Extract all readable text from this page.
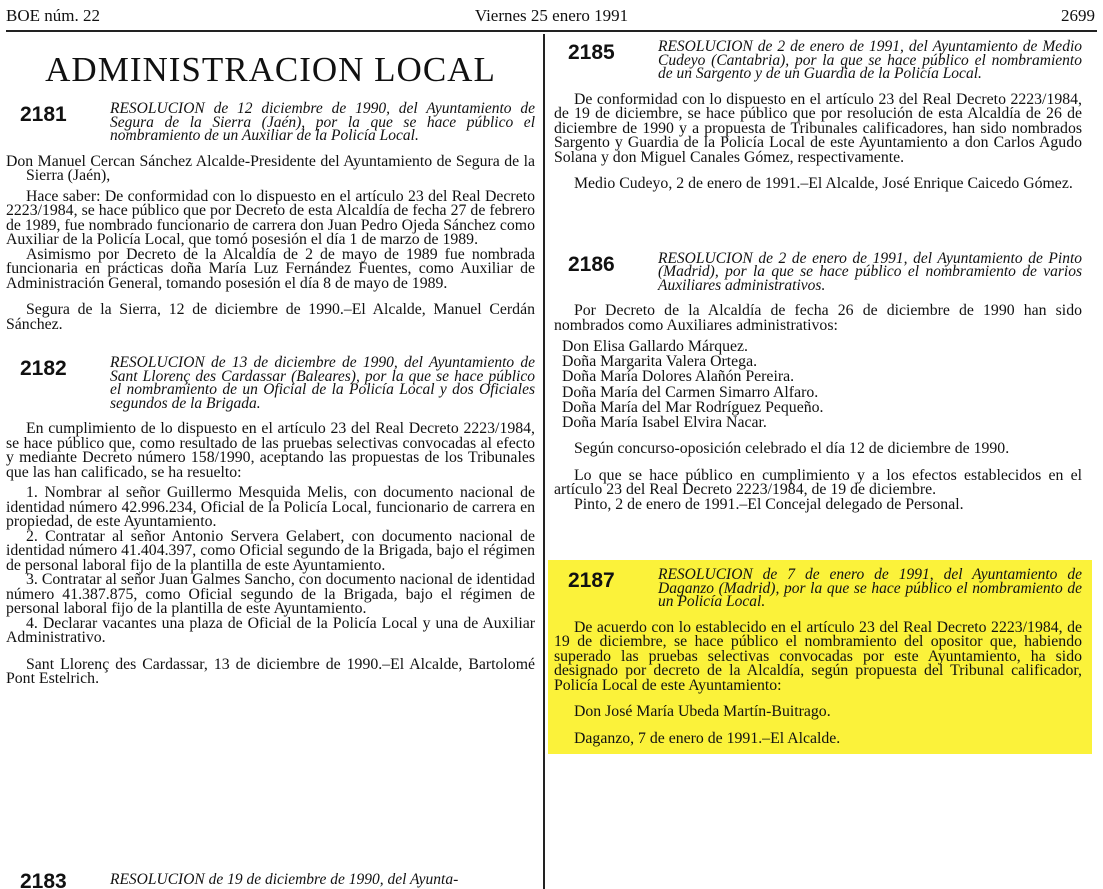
BOE núm. 22	Viernes 25 enero 1991	2699
ADMINISTRACION LOCAL
2181	RESOLUCION de 12 diciembre de 1990, del Ayuntamiento de Segura de la Sierra (Jaén), por la que se hace público el nombramiento de un Auxiliar de la Policía Local.

Don Manuel Cercan Sánchez Alcalde-Presidente del Ayuntamiento de Segura de la Sierra (Jaén),

Hace saber: De conformidad con lo dispuesto en el artículo 23 del Real Decreto 2223/1984, se hace público que por Decreto de esta Alcaldía de fecha 27 de febrero de 1989, fue nombrado funcionario de carrera don Juan Pedro Ojeda Sánchez como Auxiliar de la Policía Local, que tomó posesión el día 1 de marzo de 1989.

Asimismo por Decreto de la Alcaldía de 2 de mayo de 1989 fue nombrada funcionaria en prácticas doña María Luz Fernández Fuentes, como Auxiliar de Administración General, tomando posesión el día 8 de mayo de 1989.

Segura de la Sierra, 12 de diciembre de 1990.–El Alcalde, Manuel Cerdán Sánchez.

2182	RESOLUCION de 13 de diciembre de 1990, del Ayuntamiento de Sant Llorenç des Cardassar (Baleares), por la que se hace público el nombramiento de un Oficial de la Policía Local y dos Oficiales segundos de la Brigada.

En cumplimiento de lo dispuesto en el artículo 23 del Real Decreto 2223/1984, se hace público que, como resultado de las pruebas selectivas convocadas al efecto y mediante Decreto número 158/1990, aceptando las propuestas de los Tribunales que las han calificado, se ha resuelto:

1. Nombrar al señor Guillermo Mesquida Melis, con documento nacional de identidad número 42.996.234, Oficial de la Policía Local, funcionario de carrera en propiedad, de este Ayuntamiento.

2. Contratar al señor Antonio Servera Gelabert, con documento nacional de identidad número 41.404.397, como Oficial segundo de la Brigada, bajo el régimen de personal laboral fijo de la plantilla de este Ayuntamiento.

3. Contratar al señor Juan Galmes Sancho, con documento nacional de identidad número 41.387.875, como Oficial segundo de la Brigada, bajo el régimen de personal laboral fijo de la plantilla de este Ayuntamiento.

4. Declarar vacantes una plaza de Oficial de la Policía Local y una de Auxiliar Administrativo.

Sant Llorenç des Cardassar, 13 de diciembre de 1990.–El Alcalde, Bartolomé Pont Estelrich.

2183	RESOLUCION de 19 de diciembre de 1990, del Ayunta-
2185	RESOLUCION de 2 de enero de 1991, del Ayuntamiento de Medio Cudeyo (Cantabria), por la que se hace público el nombramiento de un Sargento y de un Guardia de la Policía Local.

De conformidad con lo dispuesto en el artículo 23 del Real Decreto 2223/1984, de 19 de diciembre, se hace público que por resolución de esta Alcaldía de 26 de diciembre de 1990 y a propuesta de Tribunales calificadores, han sido nombrados Sargento y Guardia de la Policía Local de este Ayuntamiento a don Carlos Agudo Solana y don Miguel Canales Gómez, respectivamente.

Medio Cudeyo, 2 de enero de 1991.–El Alcalde, José Enrique Caicedo Gómez.

2186	RESOLUCION de 2 de enero de 1991, del Ayuntamiento de Pinto (Madrid), por la que se hace público el nombramiento de varios Auxiliares administrativos.

Por Decreto de la Alcaldía de fecha 26 de diciembre de 1990 han sido nombrados como Auxiliares administrativos:

Don Elisa Gallardo Márquez.
Doña Margarita Valera Ortega.
Doña María Dolores Alañón Pereira.
Doña María del Carmen Simarro Alfaro.
Doña María del Mar Rodríguez Pequeño.
Doña María Isabel Elvira Nacar.

Según concurso-oposición celebrado el día 12 de diciembre de 1990.

Lo que se hace público en cumplimiento y a los efectos establecidos en el artículo 23 del Real Decreto 2223/1984, de 19 de diciembre.

Pinto, 2 de enero de 1991.–El Concejal delegado de Personal.

2187	RESOLUCION de 7 de enero de 1991, del Ayuntamiento de Daganzo (Madrid), por la que se hace público el nombramiento de un Policía Local.

De acuerdo con lo establecido en el artículo 23 del Real Decreto 2223/1984, de 19 de diciembre, se hace público el nombramiento del opositor que, habiendo superado las pruebas selectivas convocadas por este Ayuntamiento, ha sido designado por decreto de la Alcaldía, según propuesta del Tribunal calificador, Policía Local de este Ayuntamiento:

Don José María Ubeda Martín-Buitrago.

Daganzo, 7 de enero de 1991.–El Alcalde.
